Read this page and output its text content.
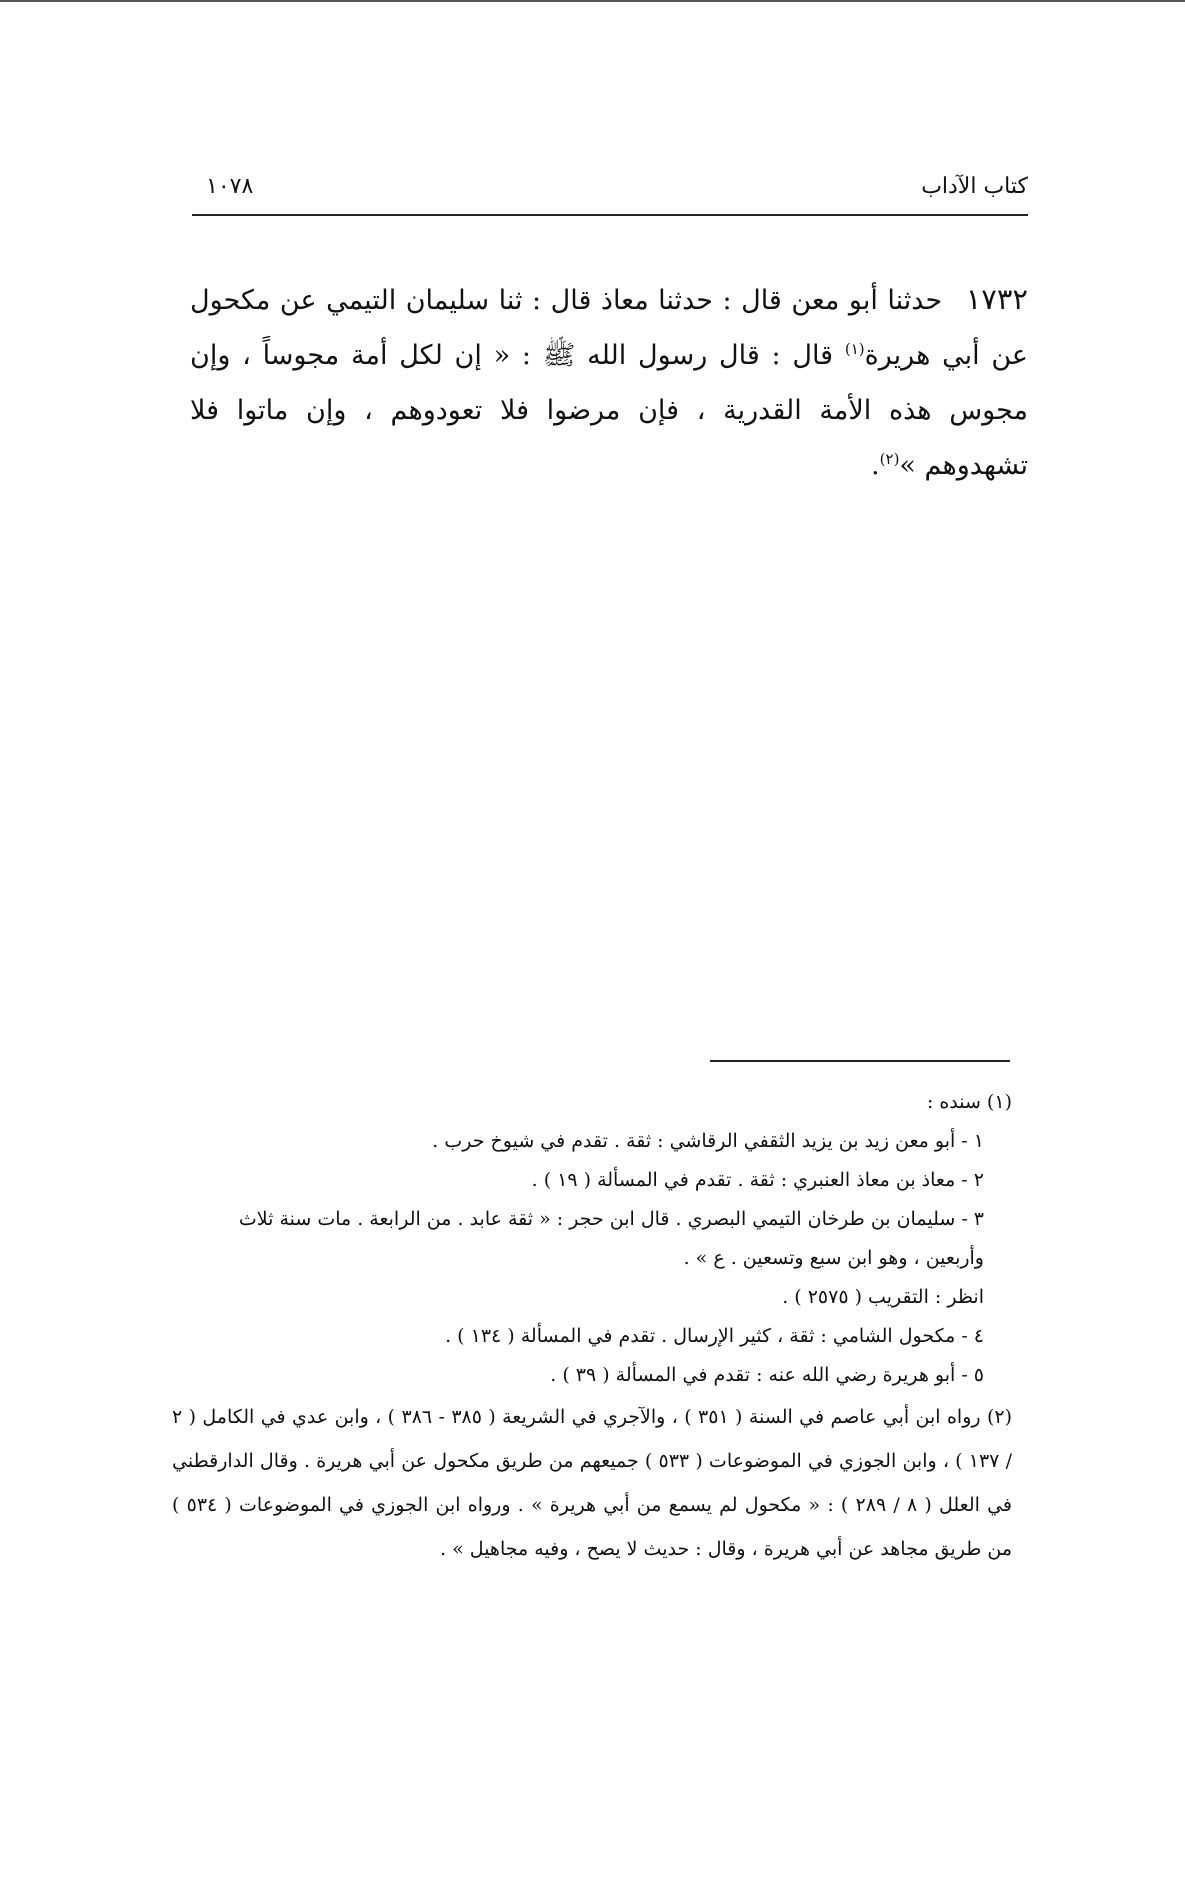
كتاب الآداب
١٠٧٨
١٧٣٢ حدثنا أبو معن قال : حدثنا معاذ قال : ثنا سليمان التيمي عن مكحول عن أبي هريرة$^{(١)}$ قال : قال رسول الله ﷺ : « إن لكل أمة مجوساً ، وإن مجوس هذه الأمة القدرية ، فإن مرضوا فلا تعودوهم ، وإن ماتوا فلا تشهدوهم »$^{(٢)}$.
(١) سنده :
١ - أبو معن زيد بن يزيد الثقفي الرقاشي : ثقة . تقدم في شيوخ حرب .
٢ - معاذ بن معاذ العنبري : ثقة . تقدم في المسألة ( ١٩ ) .
٣ - سليمان بن طرخان التيمي البصري . قال ابن حجر : « ثقة عابد . من الرابعة . مات سنة ثلاث
وأربعين ، وهو ابن سبع وتسعين . ع » .
انظر : التقريب ( ٢٥٧٥ ) .
٤ - مكحول الشامي : ثقة ، كثير الإرسال . تقدم في المسألة ( ١٣٤ ) .
٥ - أبو هريرة رضي الله عنه : تقدم في المسألة ( ٣٩ ) .
(٢) رواه ابن أبي عاصم في السنة ( ٣٥١ ) ، والآجري في الشريعة ( ٣٨٥ - ٣٨٦ ) ، وابن عدي في الكامل ( ٢ / ١٣٧ ) ، وابن الجوزي في الموضوعات ( ٥٣٣ ) جميعهم من طريق مكحول عن أبي هريرة . وقال الدارقطني في العلل ( ٨ / ٢٨٩ ) : « مكحول لم يسمع من أبي هريرة » . ورواه ابن الجوزي في الموضوعات ( ٥٣٤ ) من طريق مجاهد عن أبي هريرة ، وقال : حديث لا يصح ، وفيه مجاهيل » .
